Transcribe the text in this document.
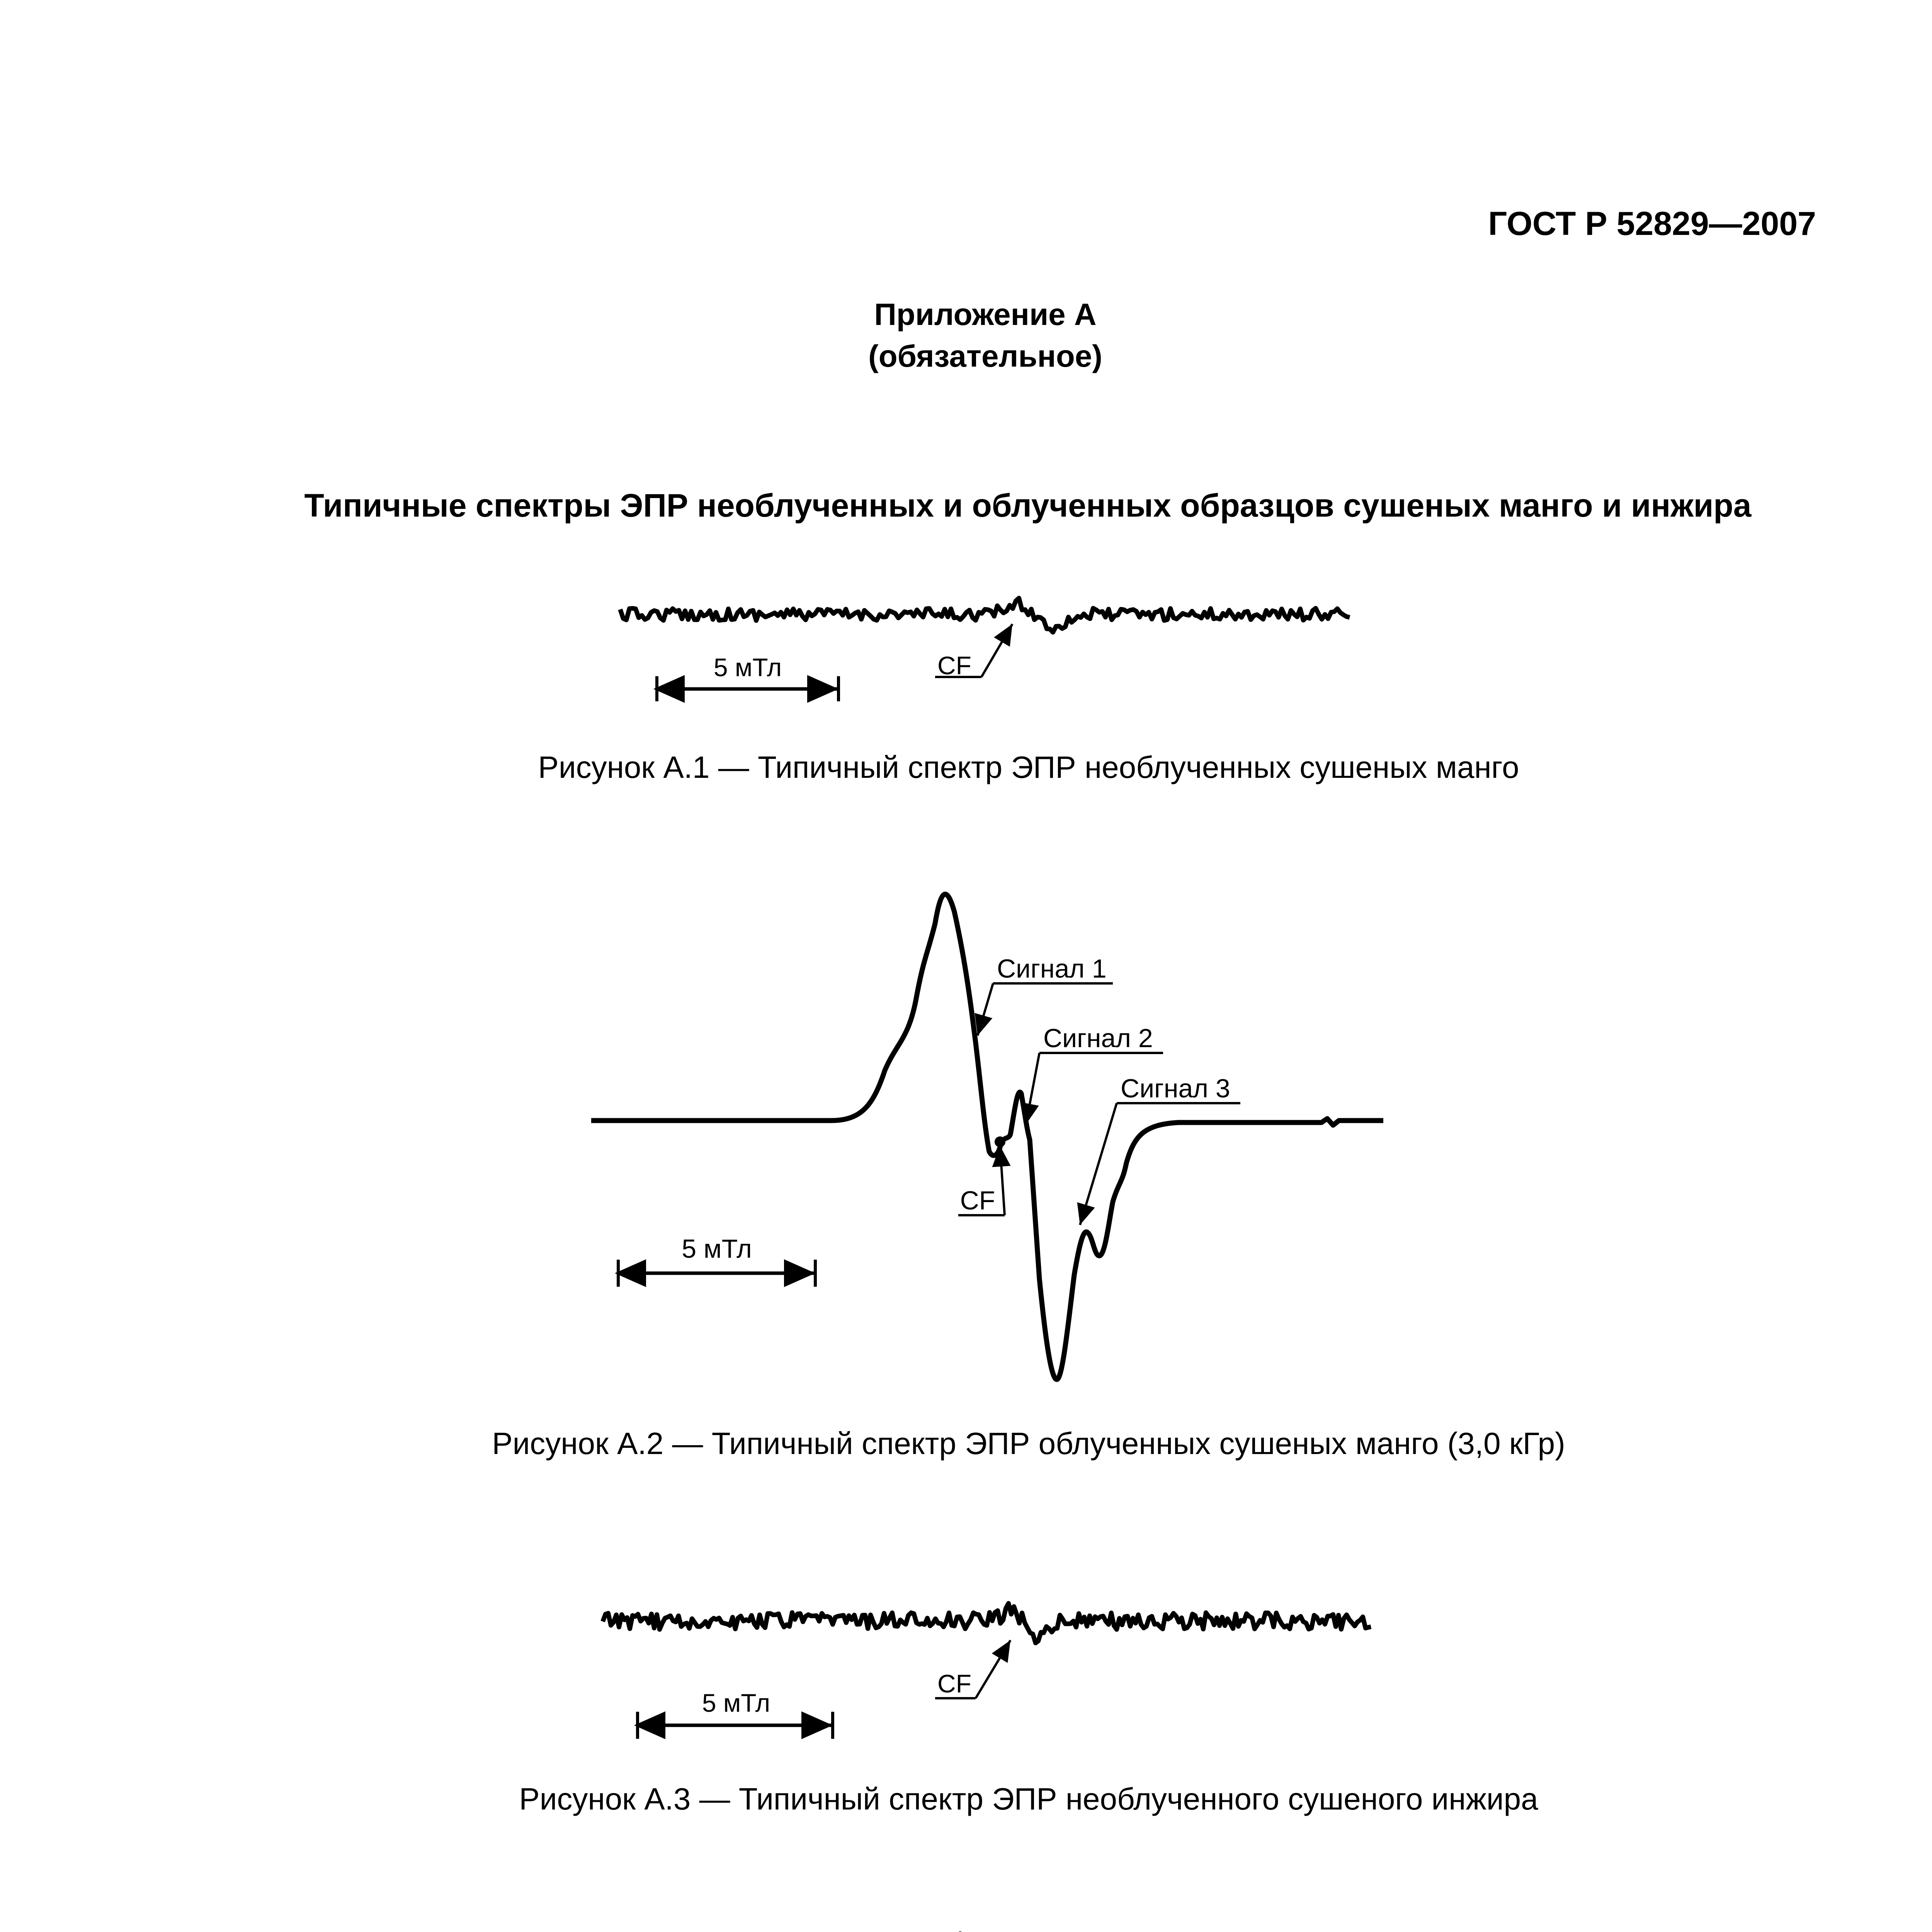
ГОСТ Р 52829—2007
Приложение А
(обязательное)
Типичные спектры ЭПР необлученных и облученных образцов сушеных манго и инжира
5 мТл	CF
Рисунок А.1 — Типичный спектр ЭПР необлученных сушеных манго
5 мТл
Сигнал 1
Сигнал 2
Сигнал 3
CF
Рисунок А.2 — Типичный спектр ЭПР облученных сушеных манго (3,0 кГр)
5 мТл
CF
Рисунок А.3 — Типичный спектр ЭПР необлученного сушеного инжира
